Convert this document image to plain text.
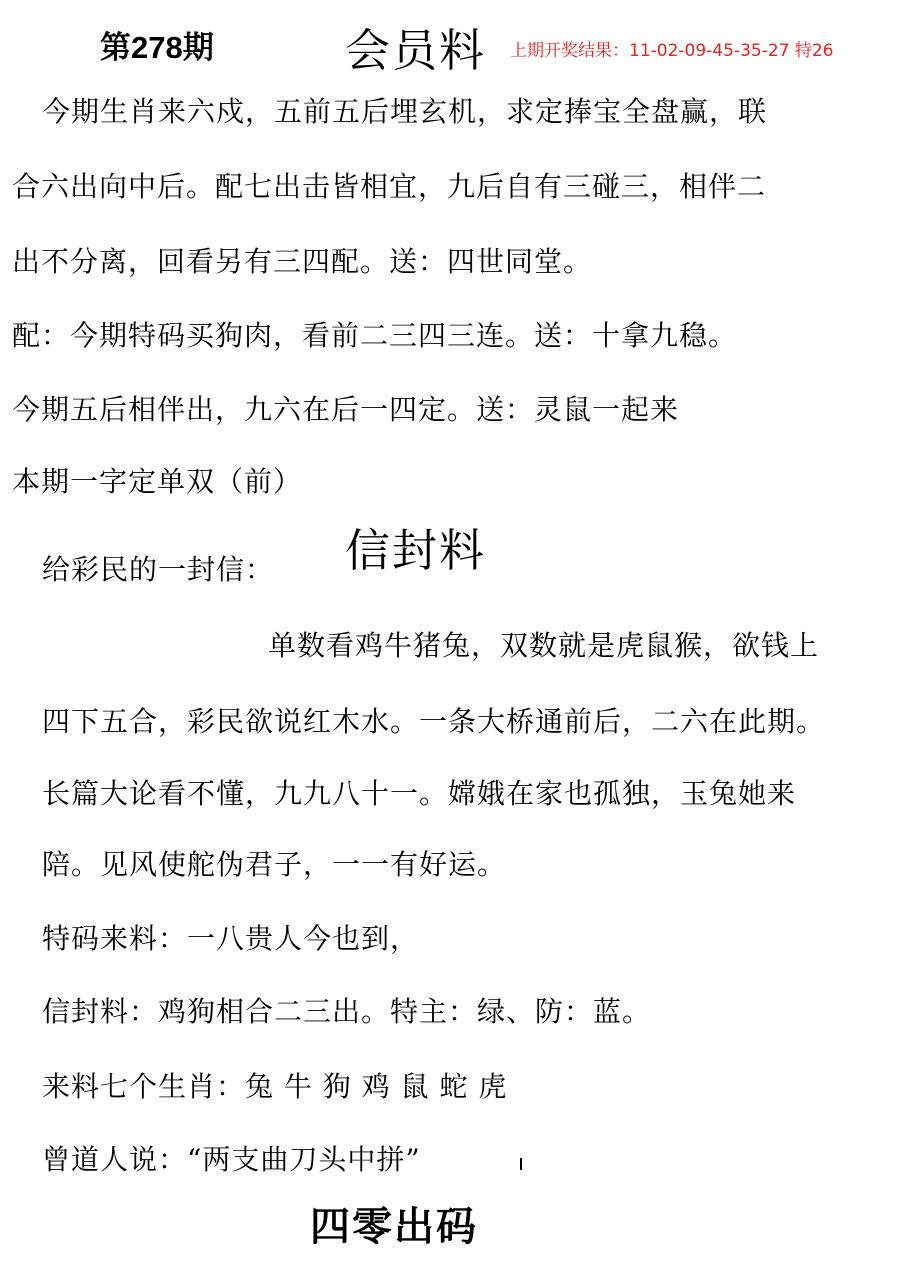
第278期	会员料 上期开奖结果：11-02-09-45-35-27 特26
今期生肖来六戍，五前五后埋玄机，求定捧宝全盘赢，联
合六出向中后。配七出击皆相宜，九后自有三碰三，相伴二
出不分离，回看另有三四配。送：四世同堂。
配：今期特码买狗肉，看前二三四三连。送：十拿九稳。
今期五后相伴出，九六在后一四定。送：灵鼠一起来
本期一字定单双（前）
给彩民的一封信： 信封料
单数看鸡牛猪兔，双数就是虎鼠猴，欲钱上
四下五合，彩民欲说红木水。一条大桥通前后，二六在此期。
长篇大论看不懂，九九八十一。嫦娥在家也孤独，玉兔她来
陪。见风使舵伪君子，一一有好运。
特码来料：一八贵人今也到，
信封料：鸡狗相合二三出。特主：绿、防：蓝。
来料七个生肖：兔 牛 狗 鸡 鼠 蛇 虎
曾道人说：“两支曲刀头中拼”
四零出码
